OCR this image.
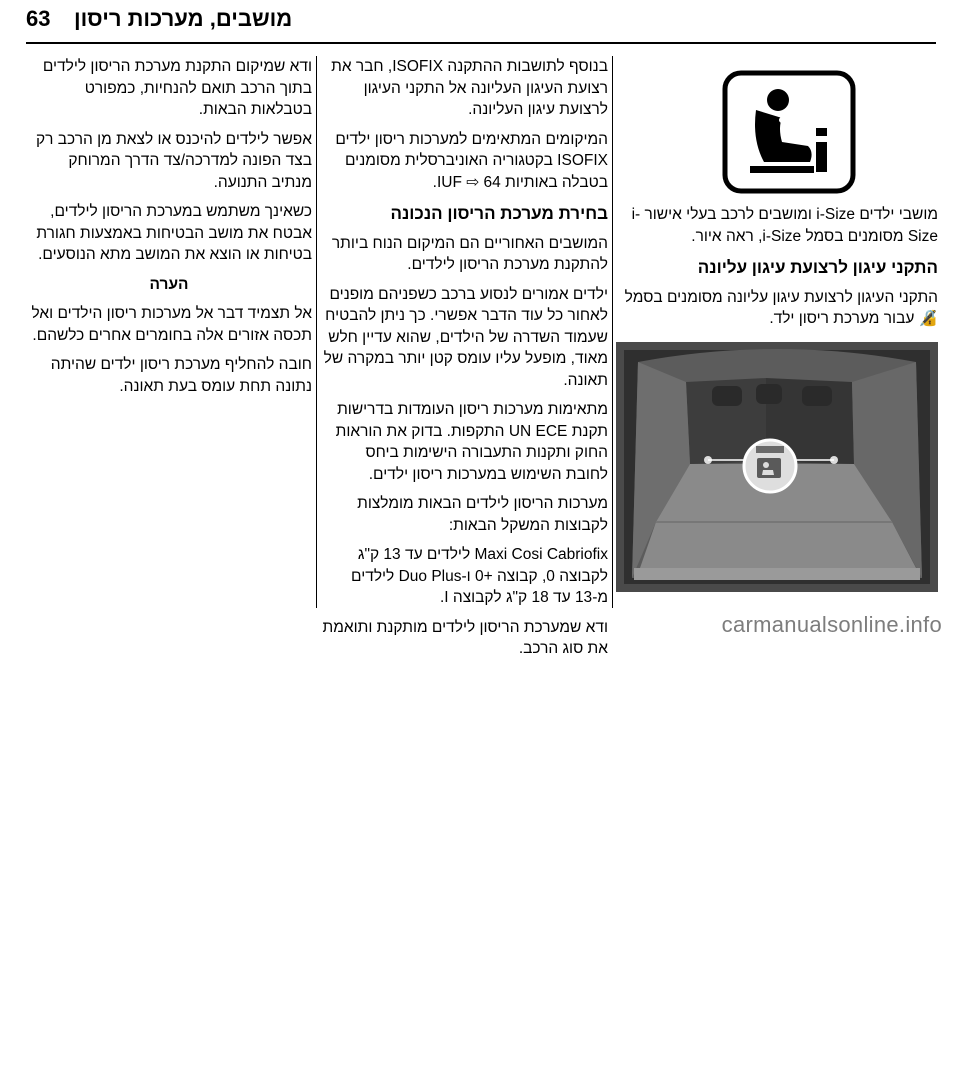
63 מושבים, מערכות ריסון

מושבי ילדים i-Size ומושבים לרכב בעלי אישור i-Size מסומנים בסמל i-Size, ראה איור.

התקני עיגון לרצועת עיגון עליונה

התקני העיגון לרצועת עיגון עליונה מסומנים בסמל 🔏 עבור מערכת ריסון ילד.

בנוסף לתושבות ההתקנה ISOFIX, חבר את רצועת העיגון העליונה אל התקני העיגון לרצועת עיגון העליונה.

המיקומים המתאימים למערכות ריסון ילדים ISOFIX בקטגוריה האוניברסלית מסומנים בטבלה באותיות IUF ⇨ 64.

בחירת מערכת הריסון הנכונה

המושבים האחוריים הם המיקום הנוח ביותר להתקנת מערכת הריסון לילדים.

ילדים אמורים לנסוע ברכב כשפניהם מופנים לאחור כל עוד הדבר אפשרי. כך ניתן להבטיח שעמוד השדרה של הילדים, שהוא עדיין חלש מאוד, מופעל עליו עומס קטן יותר במקרה של תאונה.

מתאימות מערכות ריסון העומדות בדרישות תקנת UN ECE התקפות. בדוק את הוראות החוק ותקנות התעבורה הישימות ביחס לחובת השימוש במערכות ריסון ילדים.

מערכות הריסון לילדים הבאות מומלצות לקבוצות המשקל הבאות:

Maxi Cosi Cabriofix לילדים עד 13 ק"ג לקבוצה 0, קבוצה +0 ו-Duo Plus לילדים מ-13 עד 18 ק"ג לקבוצה I.

ודא שמערכת הריסון לילדים מותקנת ותואמת את סוג הרכב.

ודא שמיקום התקנת מערכת הריסון לילדים בתוך הרכב תואם להנחיות, כמפורט בטבלאות הבאות.

אפשר לילדים להיכנס או לצאת מן הרכב רק בצד הפונה למדרכה/צד הדרך המרוחק מנתיב התנועה.

כשאינך משתמש במערכת הריסון לילדים, אבטח את מושב הבטיחות באמצעות חגורת בטיחות או הוצא את המושב מתא הנוסעים.

הערה

אל תצמיד דבר אל מערכות ריסון הילדים ואל תכסה אזורים אלה בחומרים אחרים כלשהם.

חובה להחליף מערכת ריסון ילדים שהיתה נתונה תחת עומס בעת תאונה.

carmanualsonline.info
